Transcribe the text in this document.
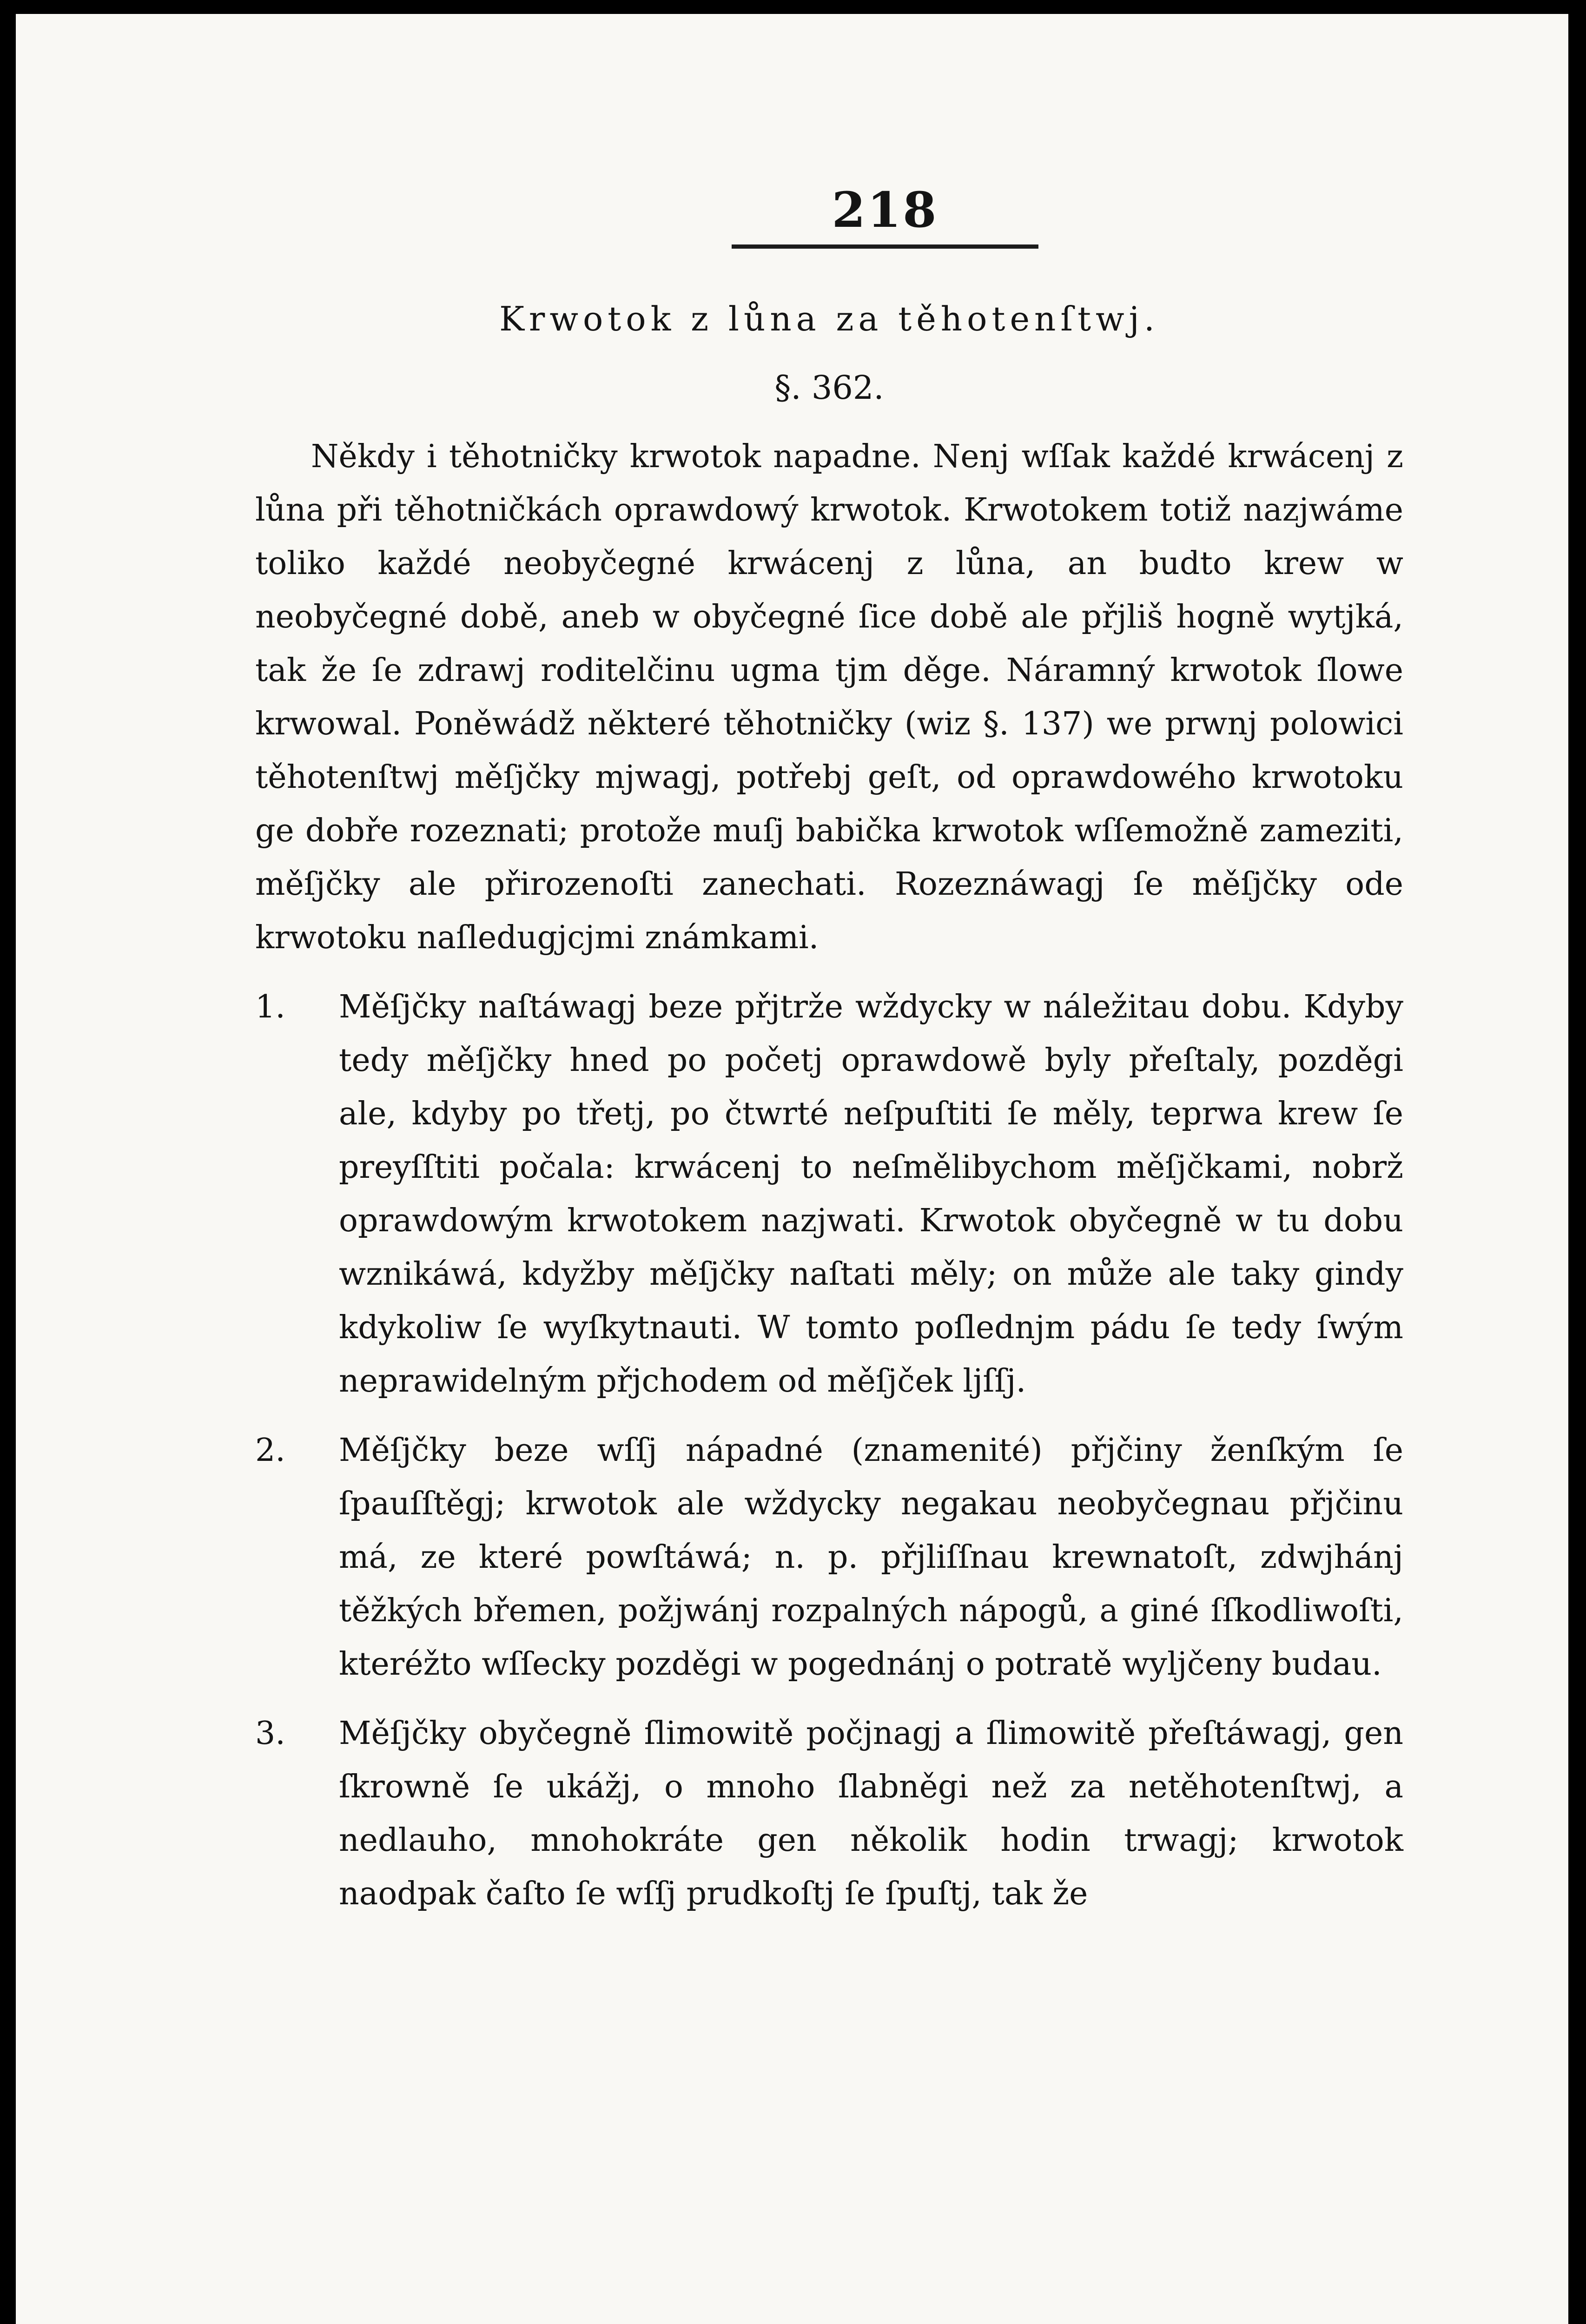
218
Krwotok z lůna za těhotenſtwj.
§. 362.

Někdy i těhotničky krwotok napadne. Nenj wſſak každé krwácenj z lůna při těhotničkách oprawdowý krwotok. Krwotokem totiž nazjwáme toliko každé neobyčegné krwácenj z lůna, an budto krew w neobyčegné době, aneb w obyčegné ſice době ale přjliš hogně wytjká, tak že ſe zdrawj roditelčinu ugma tjm děge. Náramný krwotok ſlowe krwowal. Poněwádž některé těhotničky (wiz §. 137) we prwnj polowici těhotenſtwj měſjčky mjwagj, potřebj geſt, od oprawdowého krwotoku ge dobře rozeznati; protože muſj babička krwotok wſſemožně zameziti, měſjčky ale přirozenoſti zanechati. Rozeznáwagj ſe měſjčky ode krwotoku naſledugjcjmi známkami.

1.	Měſjčky naſtáwagj beze přjtrže wždycky w náležitau dobu. Kdyby tedy měſjčky hned po početj oprawdowě byly přeſtaly, pozděgi ale, kdyby po třetj, po čtwrté neſpuſtiti ſe měly, teprwa krew ſe preyſſtiti počala: krwácenj to neſmělibychom měſjčkami, nobrž oprawdowým krwotokem nazjwati. Krwotok obyčegně w tu dobu wznikáwá, kdyžby měſjčky naſtati měly; on může ale taky gindy kdykoliw ſe wyſkytnauti. W tomto poſlednjm pádu ſe tedy ſwým neprawidelným přjchodem od měſjček ljſſj.
2.	Měſjčky beze wſſj nápadné (znamenité) přjčiny ženſkým ſe ſpauſſtěgj; krwotok ale wždycky negakau neobyčegnau přjčinu má, ze které powſtáwá; n. p. přjliſſnau krewnatoſt, zdwjhánj těžkých břemen, požjwánj rozpalných nápogů, a giné ſſkodliwoſti, kteréžto wſſecky pozděgi w pogednánj o potratě wyljčeny budau.
3.	Měſjčky obyčegně ſlimowitě počjnagj a ſlimowitě přeſtáwagj, gen ſkrowně ſe ukážj, o mnoho ſlabněgi než za netěhotenſtwj, a nedlauho, mnohokráte gen několik hodin trwagj; krwotok naodpak čaſto ſe wſſj prudkoſtj ſe ſpuſtj, tak že
